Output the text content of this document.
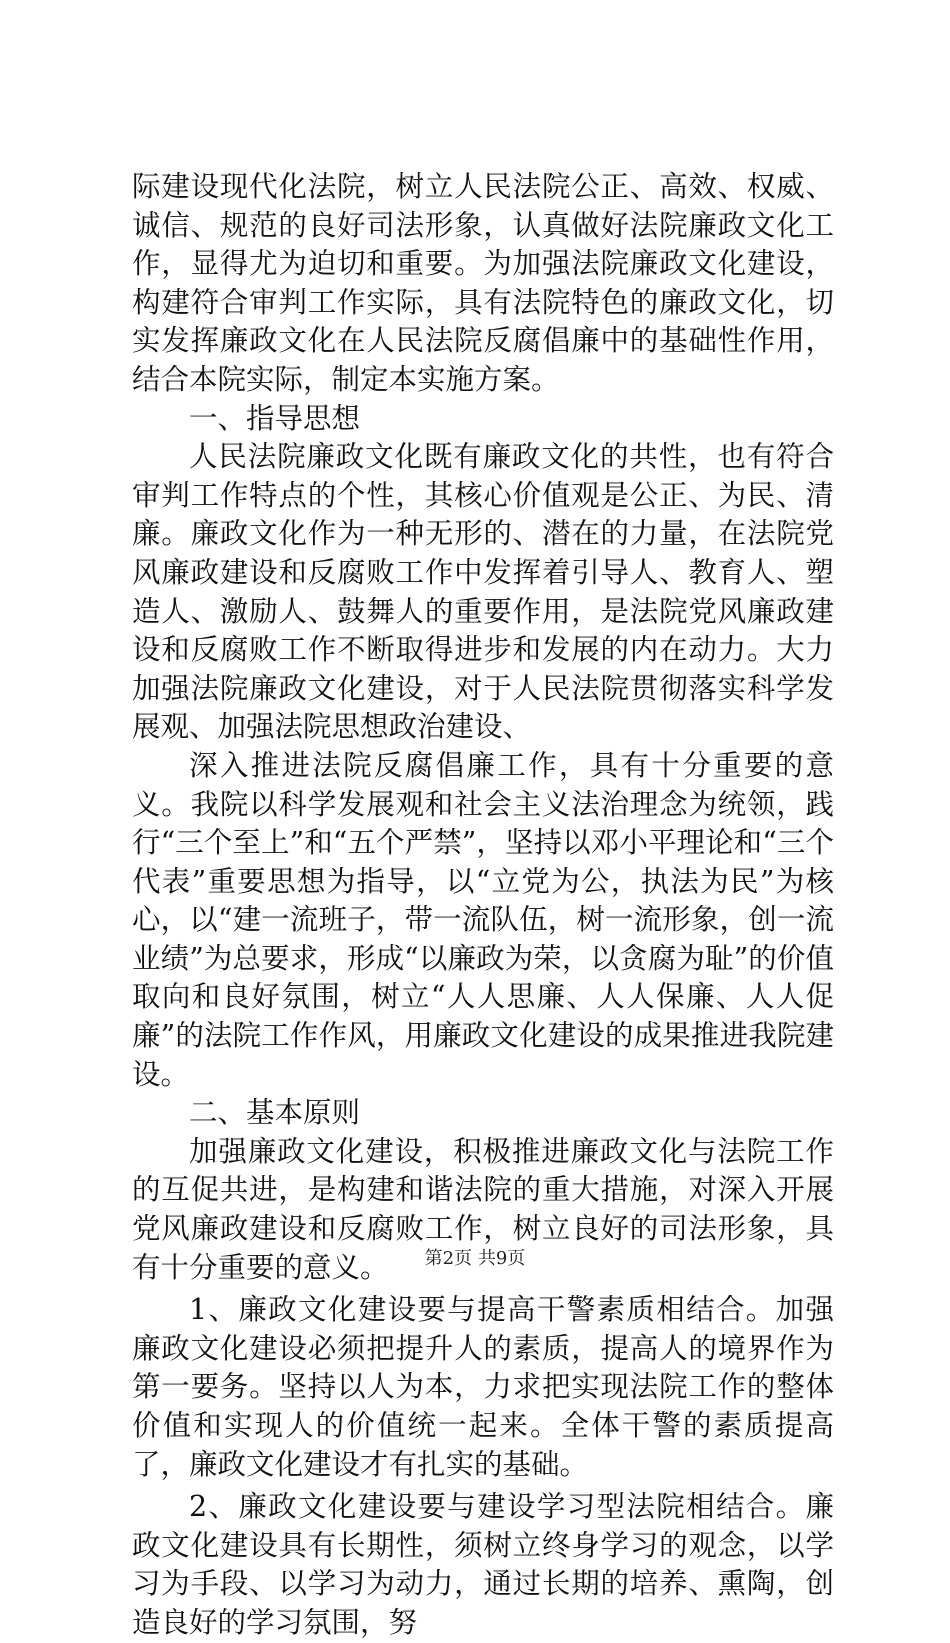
际建设现代化法院，树立人民法院公正、高效、权威、诚信、规范的良好司法形象，认真做好法院廉政文化工作，显得尤为迫切和重要。为加强法院廉政文化建设，构建符合审判工作实际，具有法院特色的廉政文化，切实发挥廉政文化在人民法院反腐倡廉中的基础性作用，结合本院实际，制定本实施方案。

一、指导思想

人民法院廉政文化既有廉政文化的共性，也有符合审判工作特点的个性，其核心价值观是公正、为民、清廉。廉政文化作为一种无形的、潜在的力量，在法院党风廉政建设和反腐败工作中发挥着引导人、教育人、塑造人、激励人、鼓舞人的重要作用，是法院党风廉政建设和反腐败工作不断取得进步和发展的内在动力。大力加强法院廉政文化建设，对于人民法院贯彻落实科学发展观、加强法院思想政治建设、

深入推进法院反腐倡廉工作，具有十分重要的意义。我院以科学发展观和社会主义法治理念为统领，践行“三个至上”和“五个严禁”，坚持以邓小平理论和“三个代表”重要思想为指导，以“立党为公，执法为民”为核心，以“建一流班子，带一流队伍，树一流形象，创一流业绩”为总要求，形成“以廉政为荣，以贪腐为耻”的价值取向和良好氛围，树立“人人思廉、人人保廉、人人促廉”的法院工作作风，用廉政文化建设的成果推进我院建设。

二、基本原则

加强廉政文化建设，积极推进廉政文化与法院工作的互促共进，是构建和谐法院的重大措施，对深入开展党风廉政建设和反腐败工作，树立良好的司法形象，具有十分重要的意义。

1、廉政文化建设要与提高干警素质相结合。加强廉政文化建设必须把提升人的素质，提高人的境界作为第一要务。坚持以人为本，力求把实现法院工作的整体价值和实现人的价值统一起来。全体干警的素质提高了，廉政文化建设才有扎实的基础。

2、廉政文化建设要与建设学习型法院相结合。廉政文化建设具有长期性，须树立终身学习的观念，以学习为手段、以学习为动力，通过长期的培养、熏陶，创造良好的学习氛围，努

第2页 共9页
